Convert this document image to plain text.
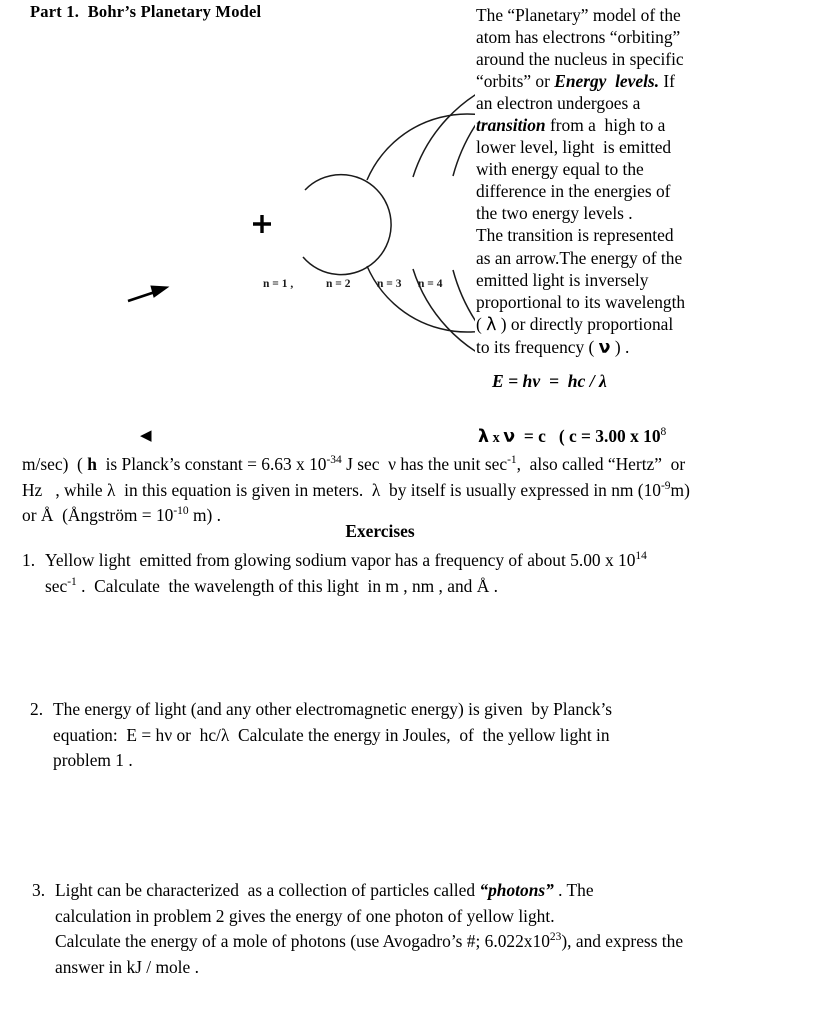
Part 1.  Bohr’s Planetary Model
n = 1 ,	n = 2 n = 3 n = 4
The “Planetary” model of the
atom has electrons “orbiting”
around the nucleus in specific
“orbits” or Energy  levels. If
an electron undergoes a
transition from a  high to a
lower level, light  is emitted
with energy equal to the
difference in the energies of
the two energy levels .
The transition is represented
as an arrow.The energy of the
emitted light is inversely
proportional to its wavelength
( λ ) or directly proportional
to its frequency ( ν ) .
E = hν  =  hc / λ
◀	λ x ν  = c   ( c = 3.00 x $10^8$
m/sec)  ( h  is Planck’s constant = 6.63 x $10^{-34}$ J sec  ν has the unit $\sec^{-1}$,  also called “Hertz”  or
Hz   , while λ  in this equation is given in meters.  λ  by itself is usually expressed in nm $(10^{-9}m)$
or Å  (Ångström = $10^{-10}$ m) .
Exercises
1. Yellow light  emitted from glowing sodium vapor has a frequency of about 5.00 x $10^{14}$
$\sec^{-1}$ .  Calculate  the wavelength of this light  in m , nm , and Å .
2. The energy of light (and any other electromagnetic energy) is given  by Planck’s
equation:  E = hν or  hc/λ  Calculate the energy in Joules,  of  the yellow light in
problem 1 .
3. Light can be characterized  as a collection of particles called “photons” . The
calculation in problem 2 gives the energy of one photon of yellow light.
Calculate the energy of a mole of photons (use Avogadro’s #; $6.022x10^{23}$), and express the
answer in kJ / mole .
